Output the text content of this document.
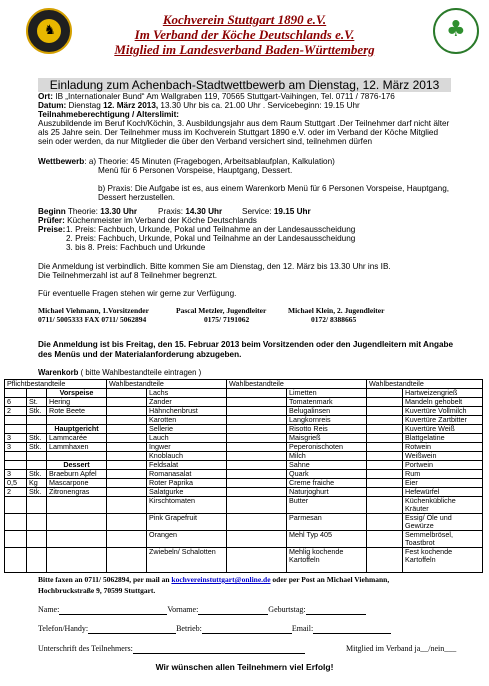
♞	♣
Kochverein Stuttgart 1890 e.V.
Im Verband der Köche Deutschlands e.V.
Mitglied im Landesverband Baden-Württemberg
Einladung zum Achenbach-Stadtwettbewerb am Dienstag, 12. März 2013
Ort: IB „Internationaler Bund“ Am Wallgraben 119, 70565 Stuttgart-Vaihingen, Tel. 0711 / 7876-176
Datum: Dienstag 12. März 2013, 13.30 Uhr bis ca. 21.00 Uhr . Servicebeginn: 19.15 Uhr
Teilnahmeberechtigung / Alterslimit:
Auszubildende im Beruf Koch/Köchin, 3. Ausbildungsjahr aus dem Raum Stuttgart .Der Teilnehmer darf nicht älter
als 25 Jahre sein. Der Teilnehmer muss im Kochverein Stuttgart 1890 e.V. oder im Verband der Köche Mitglied
sein oder werden, da nur Mitglieder die über den Verband versichert sind, teilnehmen dürfen
Wettbewerb: a) Theorie: 45 Minuten (Fragebogen, Arbeitsablaufplan, Kalkulation)
Menü für 6 Personen Vorspeise, Hauptgang, Dessert.
b) Praxis: Die Aufgabe ist es, aus einem Warenkorb Menü für 6 Personen Vorspeise, Hauptgang,
Dessert herzustellen.
Beginn Theorie: 13.30 Uhr	Praxis: 14.30 Uhr Service: 19.15 Uhr
Prüfer: Küchenmeister im Verband der Köche Deutschlands
Preise: 1. Preis: Fachbuch, Urkunde, Pokal und Teilnahme an der Landesausscheidung
2. Preis: Fachbuch, Urkunde, Pokal und Teilnahme an der Landesausscheidung
3. bis 8. Preis: Fachbuch und Urkunde
Die Anmeldung ist verbindlich. Bitte kommen Sie am Dienstag, den 12. März bis 13.30 Uhr ins IB.
Die Teilnehmerzahl ist auf 8 Teilnehmer begrenzt.
Für eventuelle Fragen stehen wir gerne zur Verfügung.
Michael Viehmann, 1.Vorsitzender
0711/ 5005333 FAX 0711/ 5062894
Pascal Metzler, Jugendleiter
0175/ 7191062
Michael Klein, 2. Jugendleiter
0172/ 8388665
Die Anmeldung ist bis Freitag, den 15. Februar 2013 beim Vorsitzenden oder den Jugendleitern mit Angabe
des Menüs und der Materialanforderung abzugeben.
Warenkorb ( bitte Wahlbestandteile eintragen )
Pflichtbestandteile			Wahlbestandteile		Wahlbestandteile		Wahlbestandteile	
		Vorspeise		Lachs		Limetten		Hartweizengrieß
6	St.	Hering		Zander		Tomatenmark		Mandeln gehobelt
2	Stk.	Rote Beete		Hähnchenbrust		Belugalinsen		Kuvertüre Vollmilch
				Karotten		Langkornreis		Kuvertüre Zartbitter
		Hauptgericht		Sellerie		Risotto Reis		Kuvertüre Weiß
3	Stk.	Lammcarée		Lauch		Maisgrieß		Blattgelatine
3	Stk.	Lammhaxen		Ingwer		Peperonischoten		Rotwein
				Knoblauch		Milch		Weißwein
		Dessert		Feldsalat		Sahne		Portwein
3	Stk.	Braeburn Apfel		Romanasalat		Quark		Rum
0,5	Kg	Mascarpone		Roter Paprika		Creme fraiche		Eier
2	Stk.	Zitronengras		Salatgurke		Naturjoghurt		Hefewürfel
				Kirschtomaten		Butter		Küchenkübliche Kräuter
				Pink Grapefruit		Parmesan		Essig/ Öle und Gewürze
				Orangen		Mehl Typ 405		Semmelbrösel, Toastbrot
				Zwiebeln/ Schalotten		Mehlig kochende Kartoffeln		Fest kochende Kartoffeln
Bitte faxen an 0711/ 5062894, per mail an kochvereinstuttgart@online.de oder per Post an Michael Viehmann,
Hochbruckstraße 9, 70599 Stuttgart.
Name:	Vorname:	Geburtstag:
Telefon/Handy:	Betrieb:	Email:
Unterschrift des Teilnehmers:	Mitglied im Verband ja__/nein___
Wir wünschen allen Teilnehmern viel Erfolg!
